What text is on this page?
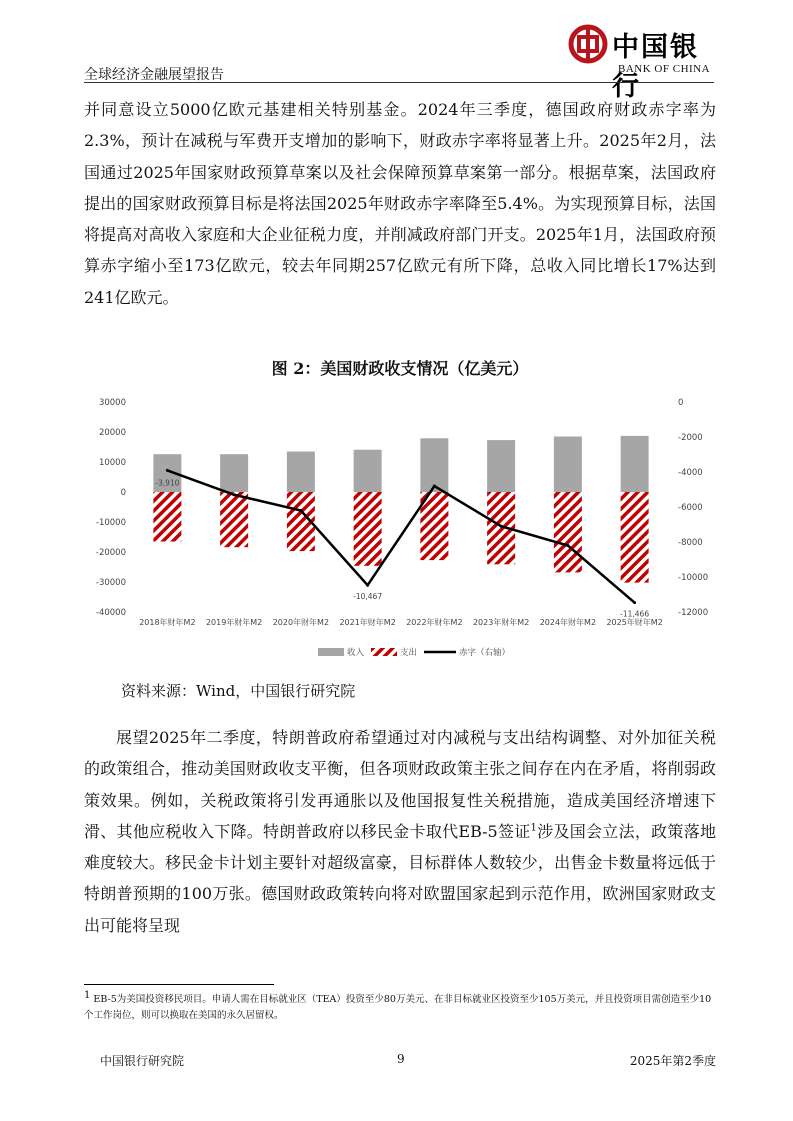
全球经济金融展望报告
中国银行
BANK OF CHINA

并同意设立5000亿欧元基建相关特别基金。2024年三季度，德国政府财政赤字率为2.3%，预计在减税与军费开支增加的影响下，财政赤字率将显著上升。2025年2月，法国通过2025年国家财政预算草案以及社会保障预算草案第一部分。根据草案，法国政府提出的国家财政预算目标是将法国2025年财政赤字率降至5.4%。为实现预算目标，法国将提高对高收入家庭和大企业征税力度，并削减政府部门开支。2025年1月，法国政府预算赤字缩小至173亿欧元，较去年同期257亿欧元有所下降，总收入同比增长17%达到241亿欧元。

图 2：美国财政收支情况（亿美元）
30000
20000
10000
0
-10000
-20000
-30000
-40000
0
-2000
-4000
-6000
-8000
-10000
-12000
2018年财年M2 2019年财年M2 2020年财年M2 2021年财年M2 2022年财年M2 2023年财年M2 2024年财年M2 2025年财年M2
-3,910
-10,467
-11,466
收入	支出	赤字（右轴）
资料来源：Wind，中国银行研究院

展望2025年二季度，特朗普政府希望通过对内减税与支出结构调整、对外加征关税的政策组合，推动美国财政收支平衡，但各项财政政策主张之间存在内在矛盾，将削弱政策效果。例如，关税政策将引发再通胀以及他国报复性关税措施，造成美国经济增速下滑、其他应税收入下降。特朗普政府以移民金卡取代EB-5签证$^1$涉及国会立法，政策落地难度较大。移民金卡计划主要针对超级富豪，目标群体人数较少，出售金卡数量将远低于特朗普预期的100万张。德国财政政策转向将对欧盟国家起到示范作用，欧洲国家财政支出可能将呈现

$^1$ EB-5为美国投资移民项目。申请人需在目标就业区（TEA）投资至少80万美元、在非目标就业区投资至少105万美元，并且投资项目需创造至少10个工作岗位，则可以换取在美国的永久居留权。
中国银行研究院	9	2025年第2季度
